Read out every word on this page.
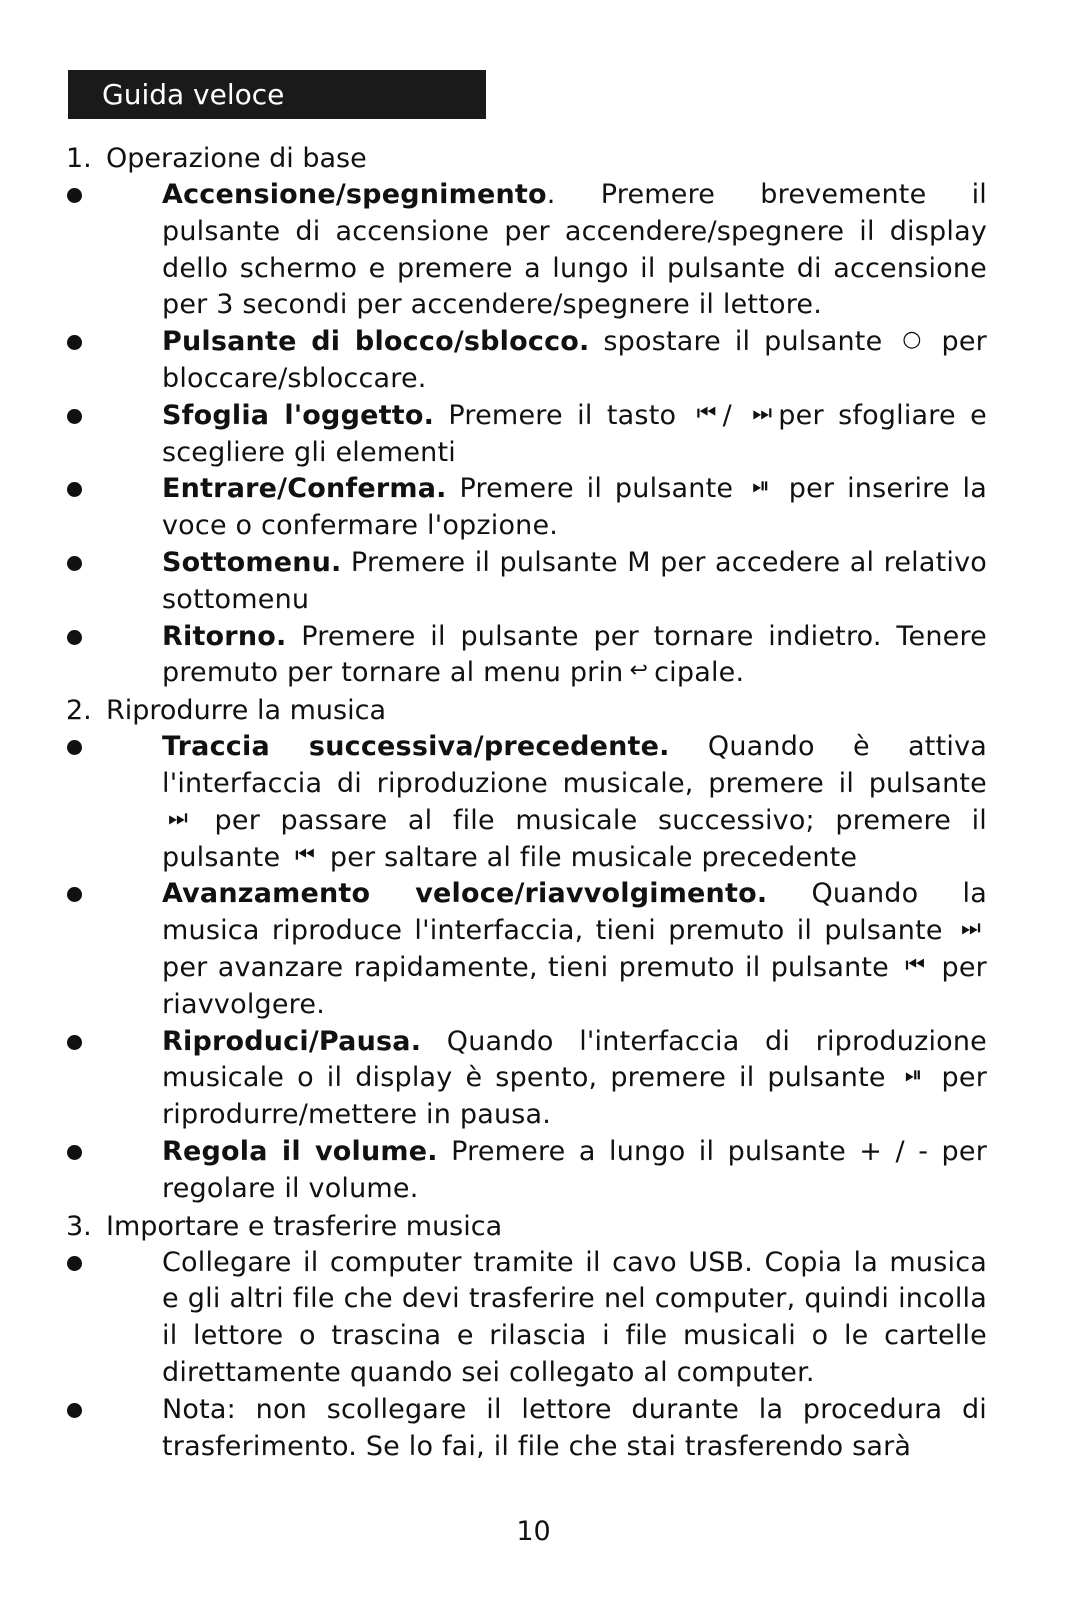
Guida veloce
1. Operazione di base
Accensione/spegnimento. Premere brevemente il pulsante di accensione per accendere/spegnere il display dello schermo e premere a lungo il pulsante di accensione per 3 secondi per accendere/spegnere il lettore.
Pulsante di blocco/sblocco. spostare il pulsante ○ per bloccare/sbloccare.
Sfoglia l'oggetto. Premere il tasto ⏮ / ⏭ per sfogliare e scegliere gli elementi
Entrare/Conferma. Premere il pulsante ⏯ per inserire la voce o confermare l'opzione.
Sottomenu. Premere il pulsante M per accedere al relativo sottomenu
Ritorno. Premere il pulsante per tornare indietro. Tenere premuto per tornare al menu prin ↩ cipale.
2. Riprodurre la musica
Traccia successiva/precedente. Quando è attiva l'interfaccia di riproduzione musicale, premere il pulsante ⏭ per passare al file musicale successivo; premere il pulsante ⏮ per saltare al file musicale precedente
Avanzamento veloce/riavvolgimento. Quando la musica riproduce l'interfaccia, tieni premuto il pulsante ⏭ per avanzare rapidamente, tieni premuto il pulsante ⏮ per riavvolgere.
Riproduci/Pausa. Quando l'interfaccia di riproduzione musicale o il display è spento, premere il pulsante ⏯ per riprodurre/mettere in pausa.
Regola il volume. Premere a lungo il pulsante + / - per regolare il volume.
3. Importare e trasferire musica
Collegare il computer tramite il cavo USB. Copia la musica e gli altri file che devi trasferire nel computer, quindi incolla il lettore o trascina e rilascia i file musicali o le cartelle direttamente quando sei collegato al computer.
Nota: non scollegare il lettore durante la procedura di trasferimento. Se lo fai, il file che stai trasferendo sarà
10
